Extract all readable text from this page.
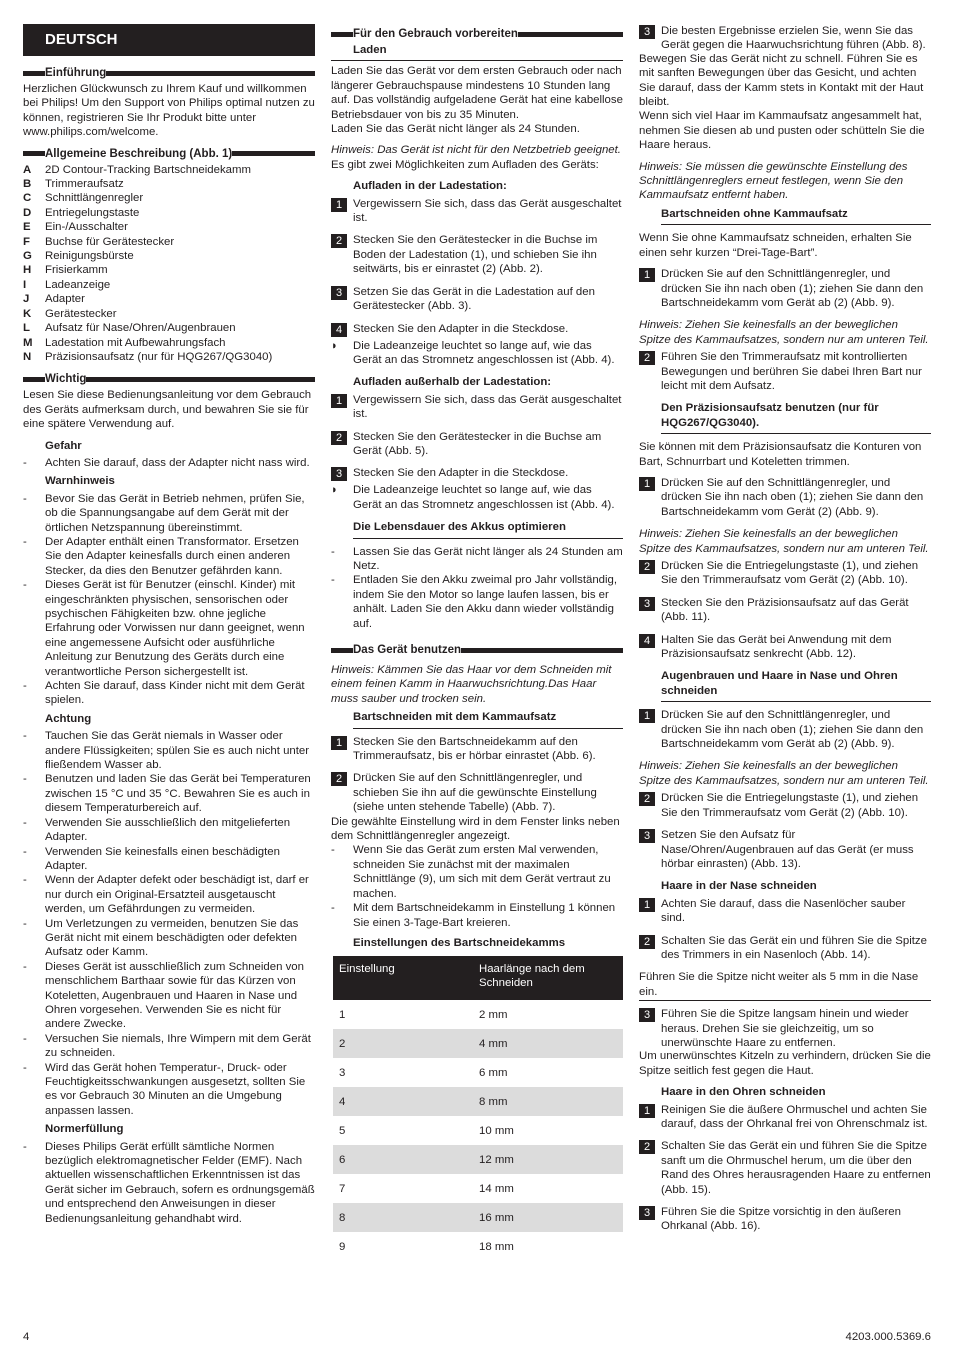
DEUTSCH
Einführung

Herzlichen Glückwunsch zu Ihrem Kauf und willkommen bei Philips! Um den Support von Philips optimal nutzen zu können, registrieren Sie Ihr Produkt bitte unter www.philips.com/welcome.

Allgemeine Beschreibung (Abb. 1)
A	2D Contour-Tracking Bartschneidekamm
B	Trimmeraufsatz
C	Schnittlängenregler
D	Entriegelungstaste
E	Ein-/Ausschalter
F	Buchse für Gerätestecker
G	Reinigungsbürste
H	Frisierkamm
I	Ladeanzeige
J	Adapter
K	Gerätestecker
L	Aufsatz für Nase/Ohren/Augenbrauen
M	Ladestation mit Aufbewahrungsfach
N	Präzisionsaufsatz (nur für HQG267/QG3040)
Wichtig

Lesen Sie diese Bedienungsanleitung vor dem Gebrauch des Geräts aufmerksam durch, und bewahren Sie sie für eine spätere Verwendung auf.

Gefahr
-	Achten Sie darauf, dass der Adapter nicht nass wird.
Warnhinweis
-	Bevor Sie das Gerät in Betrieb nehmen, prüfen Sie, ob die Spannungsangabe auf dem Gerät mit der örtlichen Netzspannung übereinstimmt.
-	Der Adapter enthält einen Transformator. Ersetzen Sie den Adapter keinesfalls durch einen anderen Stecker, da dies den Benutzer gefährden kann.
-	Dieses Gerät ist für Benutzer (einschl. Kinder) mit eingeschränkten physischen, sensorischen oder psychischen Fähigkeiten bzw. ohne jegliche Erfahrung oder Vorwissen nur dann geeignet, wenn eine angemessene Aufsicht oder ausführliche Anleitung zur Benutzung des Geräts durch eine verantwortliche Person sichergestellt ist.
-	Achten Sie darauf, dass Kinder nicht mit dem Gerät spielen.
Achtung
-	Tauchen Sie das Gerät niemals in Wasser oder andere Flüssigkeiten; spülen Sie es auch nicht unter fließendem Wasser ab.
-	Benutzen und laden Sie das Gerät bei Temperaturen zwischen 15 °C und 35 °C. Bewahren Sie es auch in diesem Temperaturbereich auf.
-	Verwenden Sie ausschließlich den mitgelieferten Adapter.
-	Verwenden Sie keinesfalls einen beschädigten Adapter.
-	Wenn der Adapter defekt oder beschädigt ist, darf er nur durch ein Original-Ersatzteil ausgetauscht werden, um Gefährdungen zu vermeiden.
-	Um Verletzungen zu vermeiden, benutzen Sie das Gerät nicht mit einem beschädigten oder defekten Aufsatz oder Kamm.
-	Dieses Gerät ist ausschließlich zum Schneiden von menschlichem Barthaar sowie für das Kürzen von Koteletten, Augenbrauen und Haaren in Nase und Ohren vorgesehen. Verwenden Sie es nicht für andere Zwecke.
-	Versuchen Sie niemals, Ihre Wimpern mit dem Gerät zu schneiden.
-	Wird das Gerät hohen Temperatur-, Druck- oder Feuchtigkeitsschwankungen ausgesetzt, sollten Sie es vor Gebrauch 30 Minuten an die Umgebung anpassen lassen.
Normerfüllung
-	Dieses Philips Gerät erfüllt sämtliche Normen bezüglich elektromagnetischer Felder (EMF). Nach aktuellen wissenschaftlichen Erkenntnissen ist das Gerät sicher im Gebrauch, sofern es ordnungsgemäß und entsprechend den Anweisungen in dieser Bedienungsanleitung gehandhabt wird.
Für den Gebrauch vorbereiten
Laden

Laden Sie das Gerät vor dem ersten Gebrauch oder nach längerer Gebrauchspause mindestens 10 Stunden lang auf. Das vollständig aufgeladene Gerät hat eine kabellose Betriebsdauer von bis zu 35 Minuten.

Laden Sie das Gerät nicht länger als 24 Stunden.

Hinweis: Das Gerät ist nicht für den Netzbetrieb geeignet.

Es gibt zwei Möglichkeiten zum Aufladen des Geräts:

Aufladen in der Ladestation:
1 Vergewissern Sie sich, dass das Gerät ausgeschaltet ist.
2 Stecken Sie den Gerätestecker in die Buchse im Boden der Ladestation (1), und schieben Sie ihn seitwärts, bis er einrastet (2) (Abb. 2).
3 Setzen Sie das Gerät in die Ladestation auf den Gerätestecker (Abb. 3).
4 Stecken Sie den Adapter in die Steckdose.
◗	Die Ladeanzeige leuchtet so lange auf, wie das Gerät an das Stromnetz angeschlossen ist (Abb. 4).
Aufladen außerhalb der Ladestation:
1 Vergewissern Sie sich, dass das Gerät ausgeschaltet ist.
2 Stecken Sie den Gerätestecker in die Buchse am Gerät (Abb. 5).
3 Stecken Sie den Adapter in die Steckdose.
◗	Die Ladeanzeige leuchtet so lange auf, wie das Gerät an das Stromnetz angeschlossen ist (Abb. 4).
Die Lebensdauer des Akkus optimieren
-	Lassen Sie das Gerät nicht länger als 24 Stunden am Netz.
-	Entladen Sie den Akku zweimal pro Jahr vollständig, indem Sie den Motor so lange laufen lassen, bis er anhält. Laden Sie den Akku dann wieder vollständig auf.
Das Gerät benutzen

Hinweis: Kämmen Sie das Haar vor dem Schneiden mit einem feinen Kamm in Haarwuchsrichtung.Das Haar muss sauber und trocken sein.

Bartschneiden mit dem Kammaufsatz
1 Stecken Sie den Bartschneidekamm auf den Trimmeraufsatz, bis er hörbar einrastet (Abb. 6).
2 Drücken Sie auf den Schnittlängenregler, und schieben Sie ihn auf die gewünschte Einstellung (siehe unten stehende Tabelle) (Abb. 7).

Die gewählte Einstellung wird in dem Fenster links neben dem Schnittlängenregler angezeigt.

-	Wenn Sie das Gerät zum ersten Mal verwenden, schneiden Sie zunächst mit der maximalen Schnittlänge (9), um sich mit dem Gerät vertraut zu machen.
-	Mit dem Bartschneidekamm in Einstellung 1 können Sie einen 3-Tage-Bart kreieren.
Einstellungen des Bartschneidekamms
Einstellung	Haarlänge nach dem Schneiden
1	2 mm
2	4 mm
3	6 mm
4	8 mm
5	10 mm
6	12 mm
7	14 mm
8	16 mm
9	18 mm
3 Die besten Ergebnisse erzielen Sie, wenn Sie das Gerät gegen die Haarwuchsrichtung führen (Abb. 8).

Bewegen Sie das Gerät nicht zu schnell. Führen Sie es mit sanften Bewegungen über das Gesicht, und achten Sie darauf, dass der Kamm stets in Kontakt mit der Haut bleibt.

Wenn sich viel Haar im Kammaufsatz angesammelt hat, nehmen Sie diesen ab und pusten oder schütteln Sie die Haare heraus.

Hinweis: Sie müssen die gewünschte Einstellung des Schnittlängenreglers erneut festlegen, wenn Sie den Kammaufsatz entfernt haben.

Bartschneiden ohne Kammaufsatz

Wenn Sie ohne Kammaufsatz schneiden, erhalten Sie einen sehr kurzen “Drei-Tage-Bart”.

1 Drücken Sie auf den Schnittlängenregler, und drücken Sie ihn nach oben (1); ziehen Sie dann den Bartschneidekamm vom Gerät ab (2) (Abb. 9).

Hinweis: Ziehen Sie keinesfalls an der beweglichen Spitze des Kammaufsatzes, sondern nur am unteren Teil.

2 Führen Sie den Trimmeraufsatz mit kontrollierten Bewegungen und berühren Sie dabei Ihren Bart nur leicht mit dem Aufsatz.
Den Präzisionsaufsatz benutzen (nur für HQG267/QG3040).

Sie können mit dem Präzisionsaufsatz die Konturen von Bart, Schnurrbart und Koteletten trimmen.

1 Drücken Sie auf den Schnittlängenregler, und drücken Sie ihn nach oben (1); ziehen Sie dann den Bartschneidekamm vom Gerät (2) (Abb. 9).

Hinweis: Ziehen Sie keinesfalls an der beweglichen Spitze des Kammaufsatzes, sondern nur am unteren Teil.

2 Drücken Sie die Entriegelungstaste (1), und ziehen Sie den Trimmeraufsatz vom Gerät (2) (Abb. 10).
3 Stecken Sie den Präzisionsaufsatz auf das Gerät (Abb. 11).
4 Halten Sie das Gerät bei Anwendung mit dem Präzisionsaufsatz senkrecht (Abb. 12).
Augenbrauen und Haare in Nase und Ohren schneiden
1 Drücken Sie auf den Schnittlängenregler, und drücken Sie ihn nach oben (1); ziehen Sie dann den Bartschneidekamm vom Gerät ab (2) (Abb. 9).

Hinweis: Ziehen Sie keinesfalls an der beweglichen Spitze des Kammaufsatzes, sondern nur am unteren Teil.

2 Drücken Sie die Entriegelungstaste (1), und ziehen Sie den Trimmeraufsatz vom Gerät (2) (Abb. 10).
3 Setzen Sie den Aufsatz für Nase/Ohren/Augenbrauen auf das Gerät (er muss hörbar einrasten) (Abb. 13).
Haare in der Nase schneiden
1 Achten Sie darauf, dass die Nasenlöcher sauber sind.
2 Schalten Sie das Gerät ein und führen Sie die Spitze des Trimmers in ein Nasenloch (Abb. 14).

Führen Sie die Spitze nicht weiter als 5 mm in die Nase ein.

3 Führen Sie die Spitze langsam hinein und wieder heraus. Drehen Sie sie gleichzeitig, um so unerwünschte Haare zu entfernen.

Um unerwünschtes Kitzeln zu verhindern, drücken Sie die Spitze seitlich fest gegen die Haut.

Haare in den Ohren schneiden
1 Reinigen Sie die äußere Ohrmuschel und achten Sie darauf, dass der Ohrkanal frei von Ohrenschmalz ist.
2 Schalten Sie das Gerät ein und führen Sie die Spitze sanft um die Ohrmuschel herum, um die über den Rand des Ohres herausragenden Haare zu entfernen (Abb. 15).
3 Führen Sie die Spitze vorsichtig in den äußeren Ohrkanal (Abb. 16).
4	4203.000.5369.6
